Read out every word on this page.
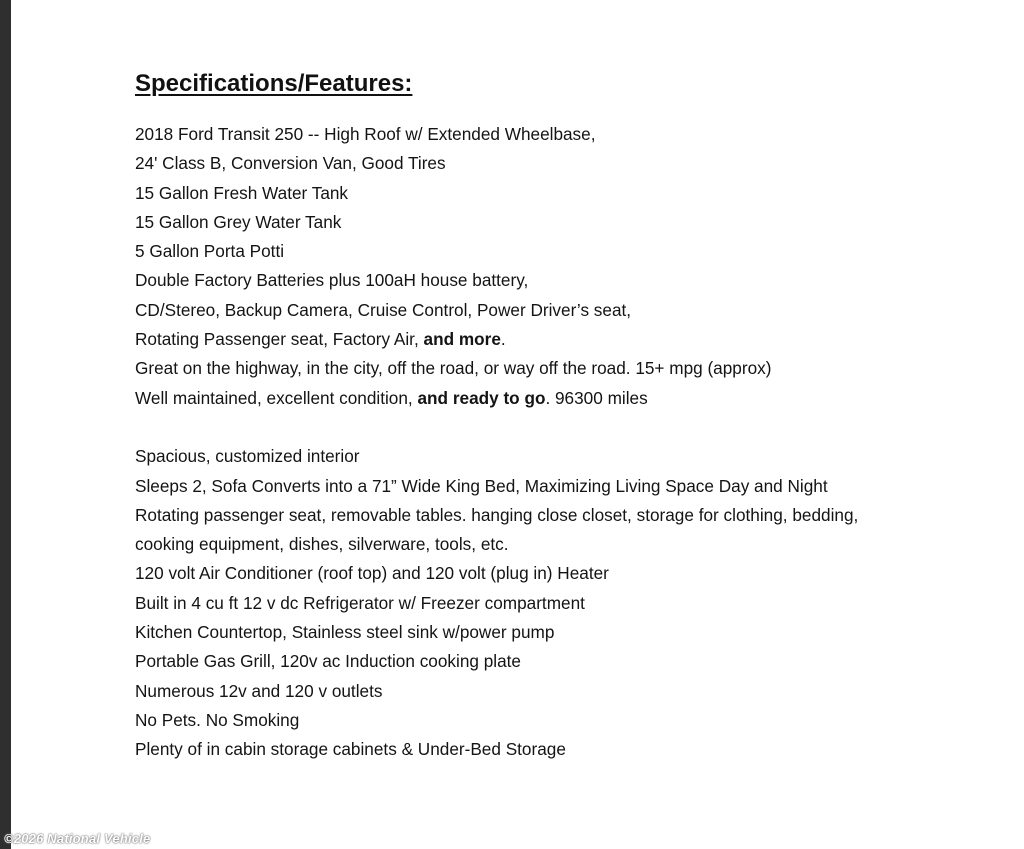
Specifications/Features:
2018 Ford Transit 250 -- High Roof w/ Extended Wheelbase,
24' Class B, Conversion Van, Good Tires
15 Gallon Fresh Water Tank
15 Gallon Grey Water Tank
5 Gallon Porta Potti
Double Factory Batteries plus 100aH house battery,
CD/Stereo, Backup Camera, Cruise Control, Power Driver’s seat,
Rotating Passenger seat, Factory Air, and more.
Great on the highway, in the city, off the road, or way off the road. 15+ mpg (approx)
Well maintained, excellent condition, and ready to go. 96300 miles
Spacious, customized interior
Sleeps 2, Sofa Converts into a 71” Wide King Bed, Maximizing Living Space Day and Night
Rotating passenger seat, removable tables. hanging close closet, storage for clothing, bedding,
cooking equipment, dishes, silverware, tools, etc.
120 volt Air Conditioner (roof top) and 120 volt (plug in) Heater
Built in 4 cu ft 12 v dc Refrigerator w/ Freezer compartment
Kitchen Countertop, Stainless steel sink w/power pump
Portable Gas Grill, 120v ac Induction cooking plate
Numerous 12v and 120 v outlets
No Pets. No Smoking
Plenty of in cabin storage cabinets & Under-Bed Storage
©2026 National Vehicle
